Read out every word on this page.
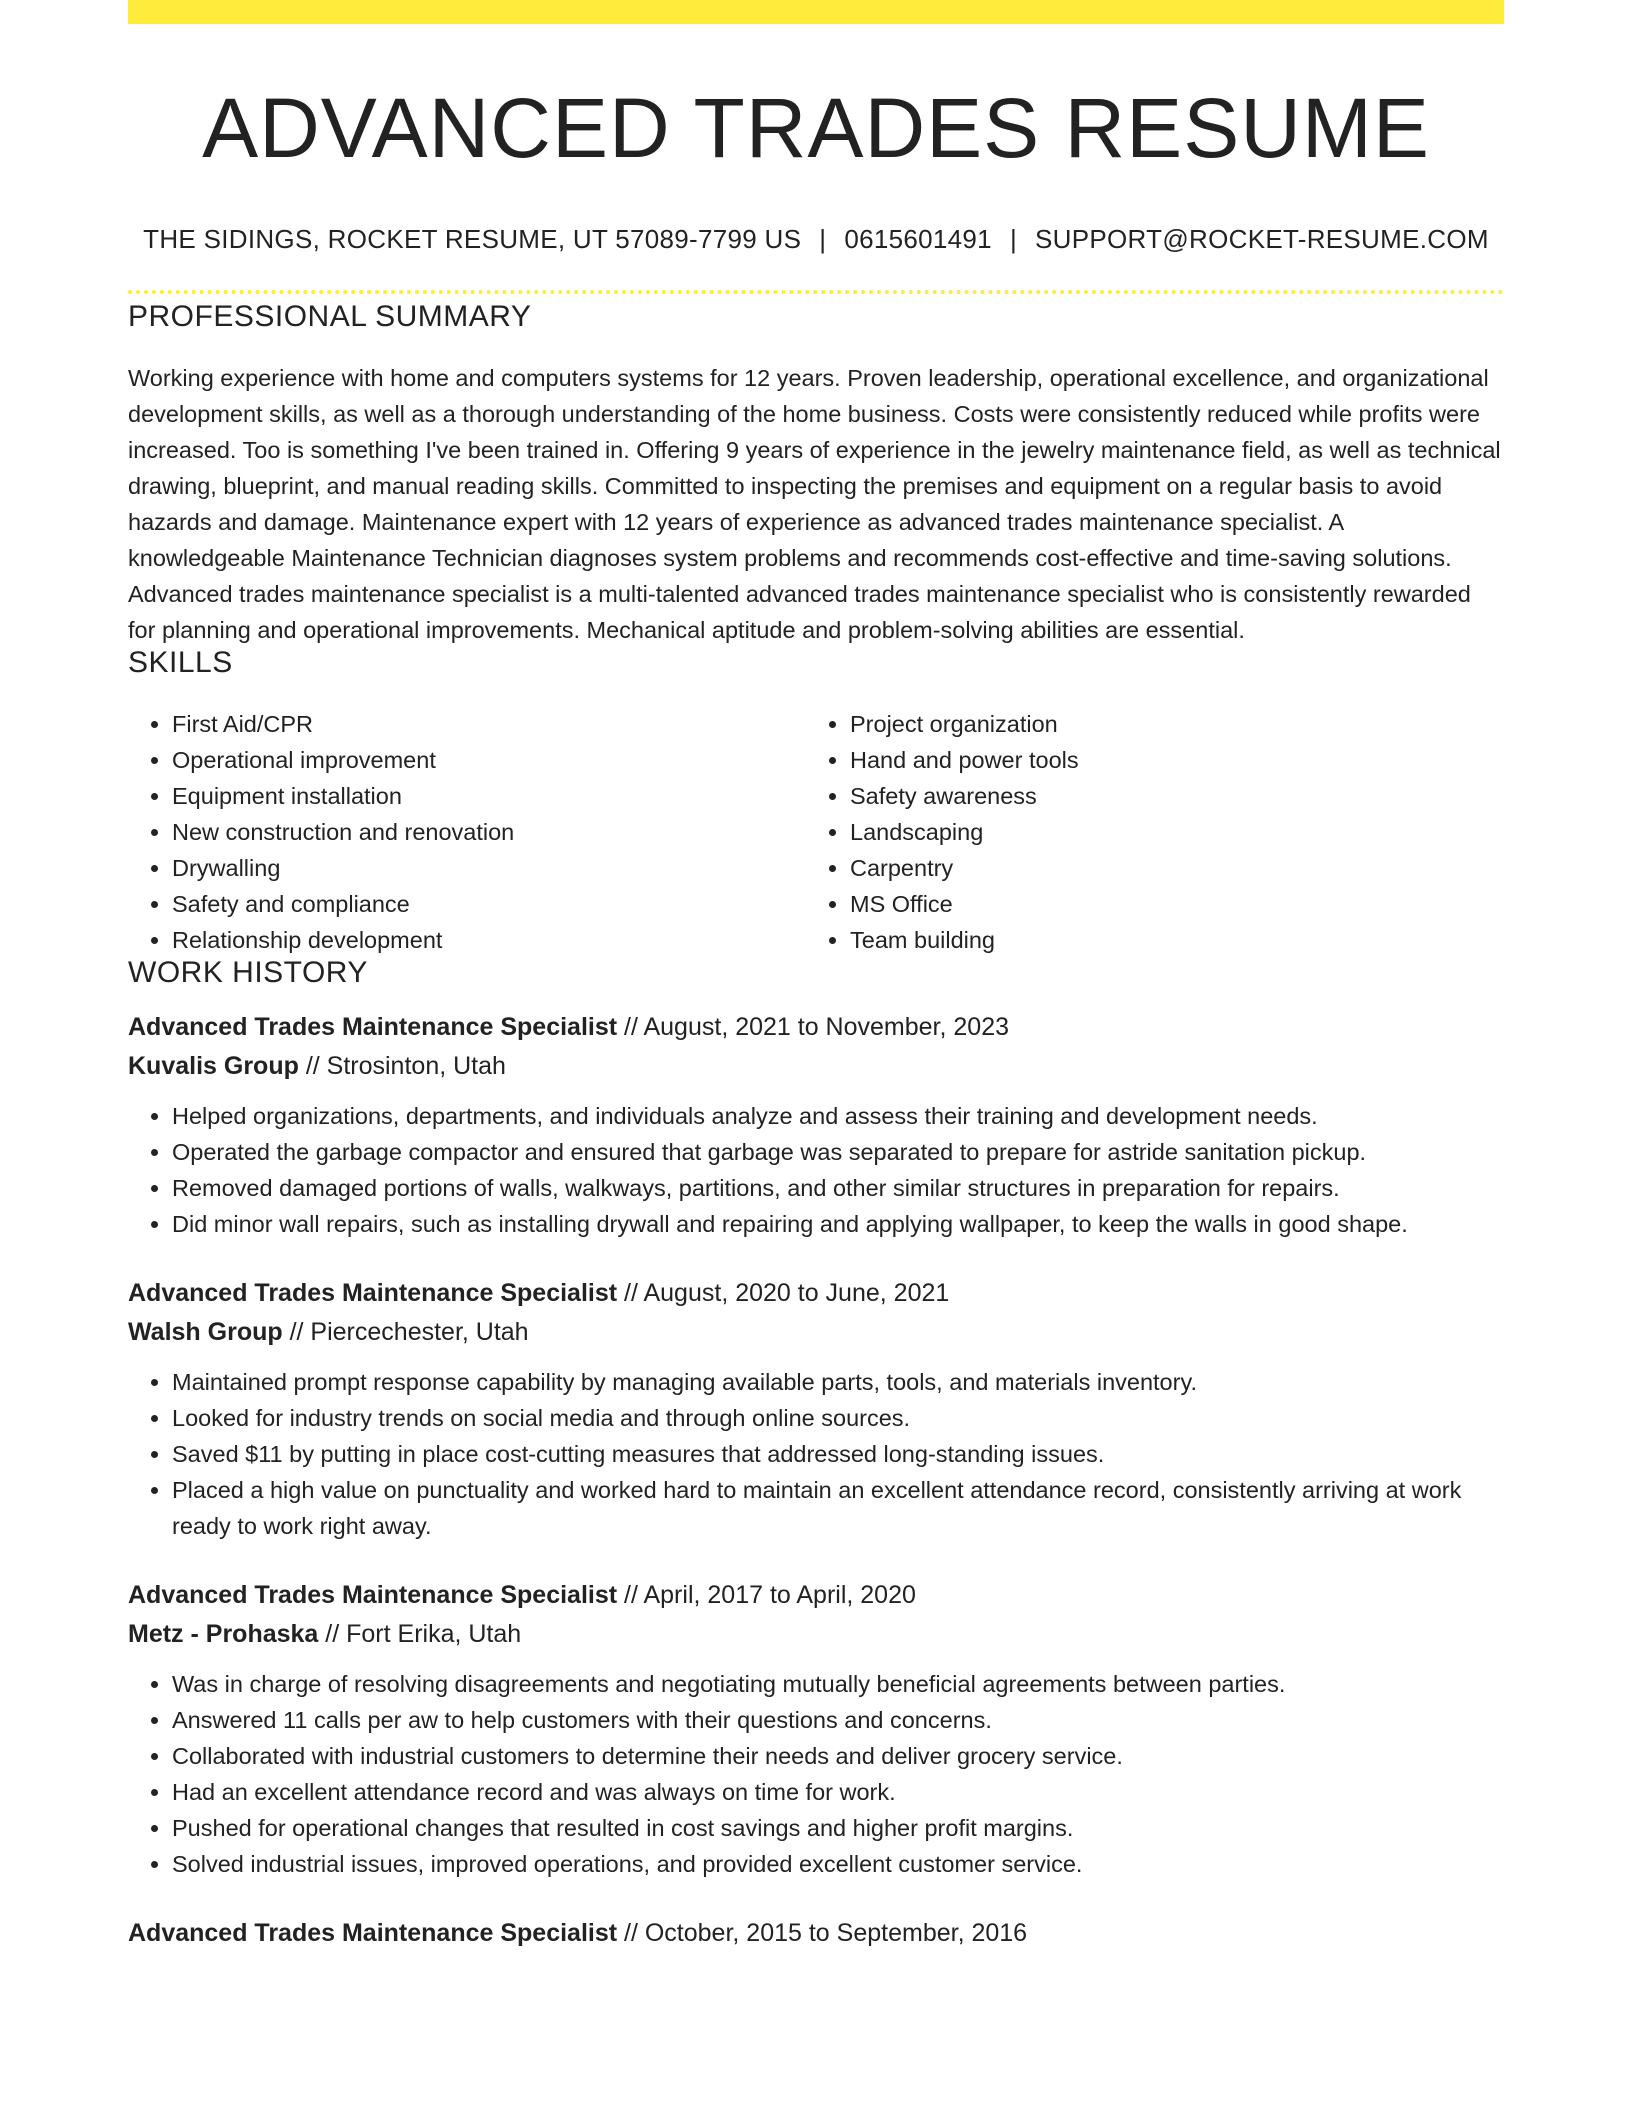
ADVANCED TRADES RESUME
THE SIDINGS, ROCKET RESUME, UT 57089-7799 US | 0615601491 | SUPPORT@ROCKET-RESUME.COM
PROFESSIONAL SUMMARY
Working experience with home and computers systems for 12 years. Proven leadership, operational excellence, and organizational development skills, as well as a thorough understanding of the home business. Costs were consistently reduced while profits were increased. Too is something I've been trained in. Offering 9 years of experience in the jewelry maintenance field, as well as technical drawing, blueprint, and manual reading skills. Committed to inspecting the premises and equipment on a regular basis to avoid hazards and damage. Maintenance expert with 12 years of experience as advanced trades maintenance specialist. A knowledgeable Maintenance Technician diagnoses system problems and recommends cost-effective and time-saving solutions. Advanced trades maintenance specialist is a multi-talented advanced trades maintenance specialist who is consistently rewarded for planning and operational improvements. Mechanical aptitude and problem-solving abilities are essential.
SKILLS
• First Aid/CPR
• Operational improvement
• Equipment installation
• New construction and renovation
• Drywalling
• Safety and compliance
• Relationship development
• Project organization
• Hand and power tools
• Safety awareness
• Landscaping
• Carpentry
• MS Office
• Team building
WORK HISTORY
Advanced Trades Maintenance Specialist // August, 2021 to November, 2023
Kuvalis Group // Strosinton, Utah
• Helped organizations, departments, and individuals analyze and assess their training and development needs.
• Operated the garbage compactor and ensured that garbage was separated to prepare for astride sanitation pickup.
• Removed damaged portions of walls, walkways, partitions, and other similar structures in preparation for repairs.
• Did minor wall repairs, such as installing drywall and repairing and applying wallpaper, to keep the walls in good shape.
Advanced Trades Maintenance Specialist // August, 2020 to June, 2021
Walsh Group // Piercechester, Utah
• Maintained prompt response capability by managing available parts, tools, and materials inventory.
• Looked for industry trends on social media and through online sources.
• Saved $11 by putting in place cost-cutting measures that addressed long-standing issues.
• Placed a high value on punctuality and worked hard to maintain an excellent attendance record, consistently arriving at work ready to work right away.
Advanced Trades Maintenance Specialist // April, 2017 to April, 2020
Metz - Prohaska // Fort Erika, Utah
• Was in charge of resolving disagreements and negotiating mutually beneficial agreements between parties.
• Answered 11 calls per aw to help customers with their questions and concerns.
• Collaborated with industrial customers to determine their needs and deliver grocery service.
• Had an excellent attendance record and was always on time for work.
• Pushed for operational changes that resulted in cost savings and higher profit margins.
• Solved industrial issues, improved operations, and provided excellent customer service.
Advanced Trades Maintenance Specialist // October, 2015 to September, 2016
